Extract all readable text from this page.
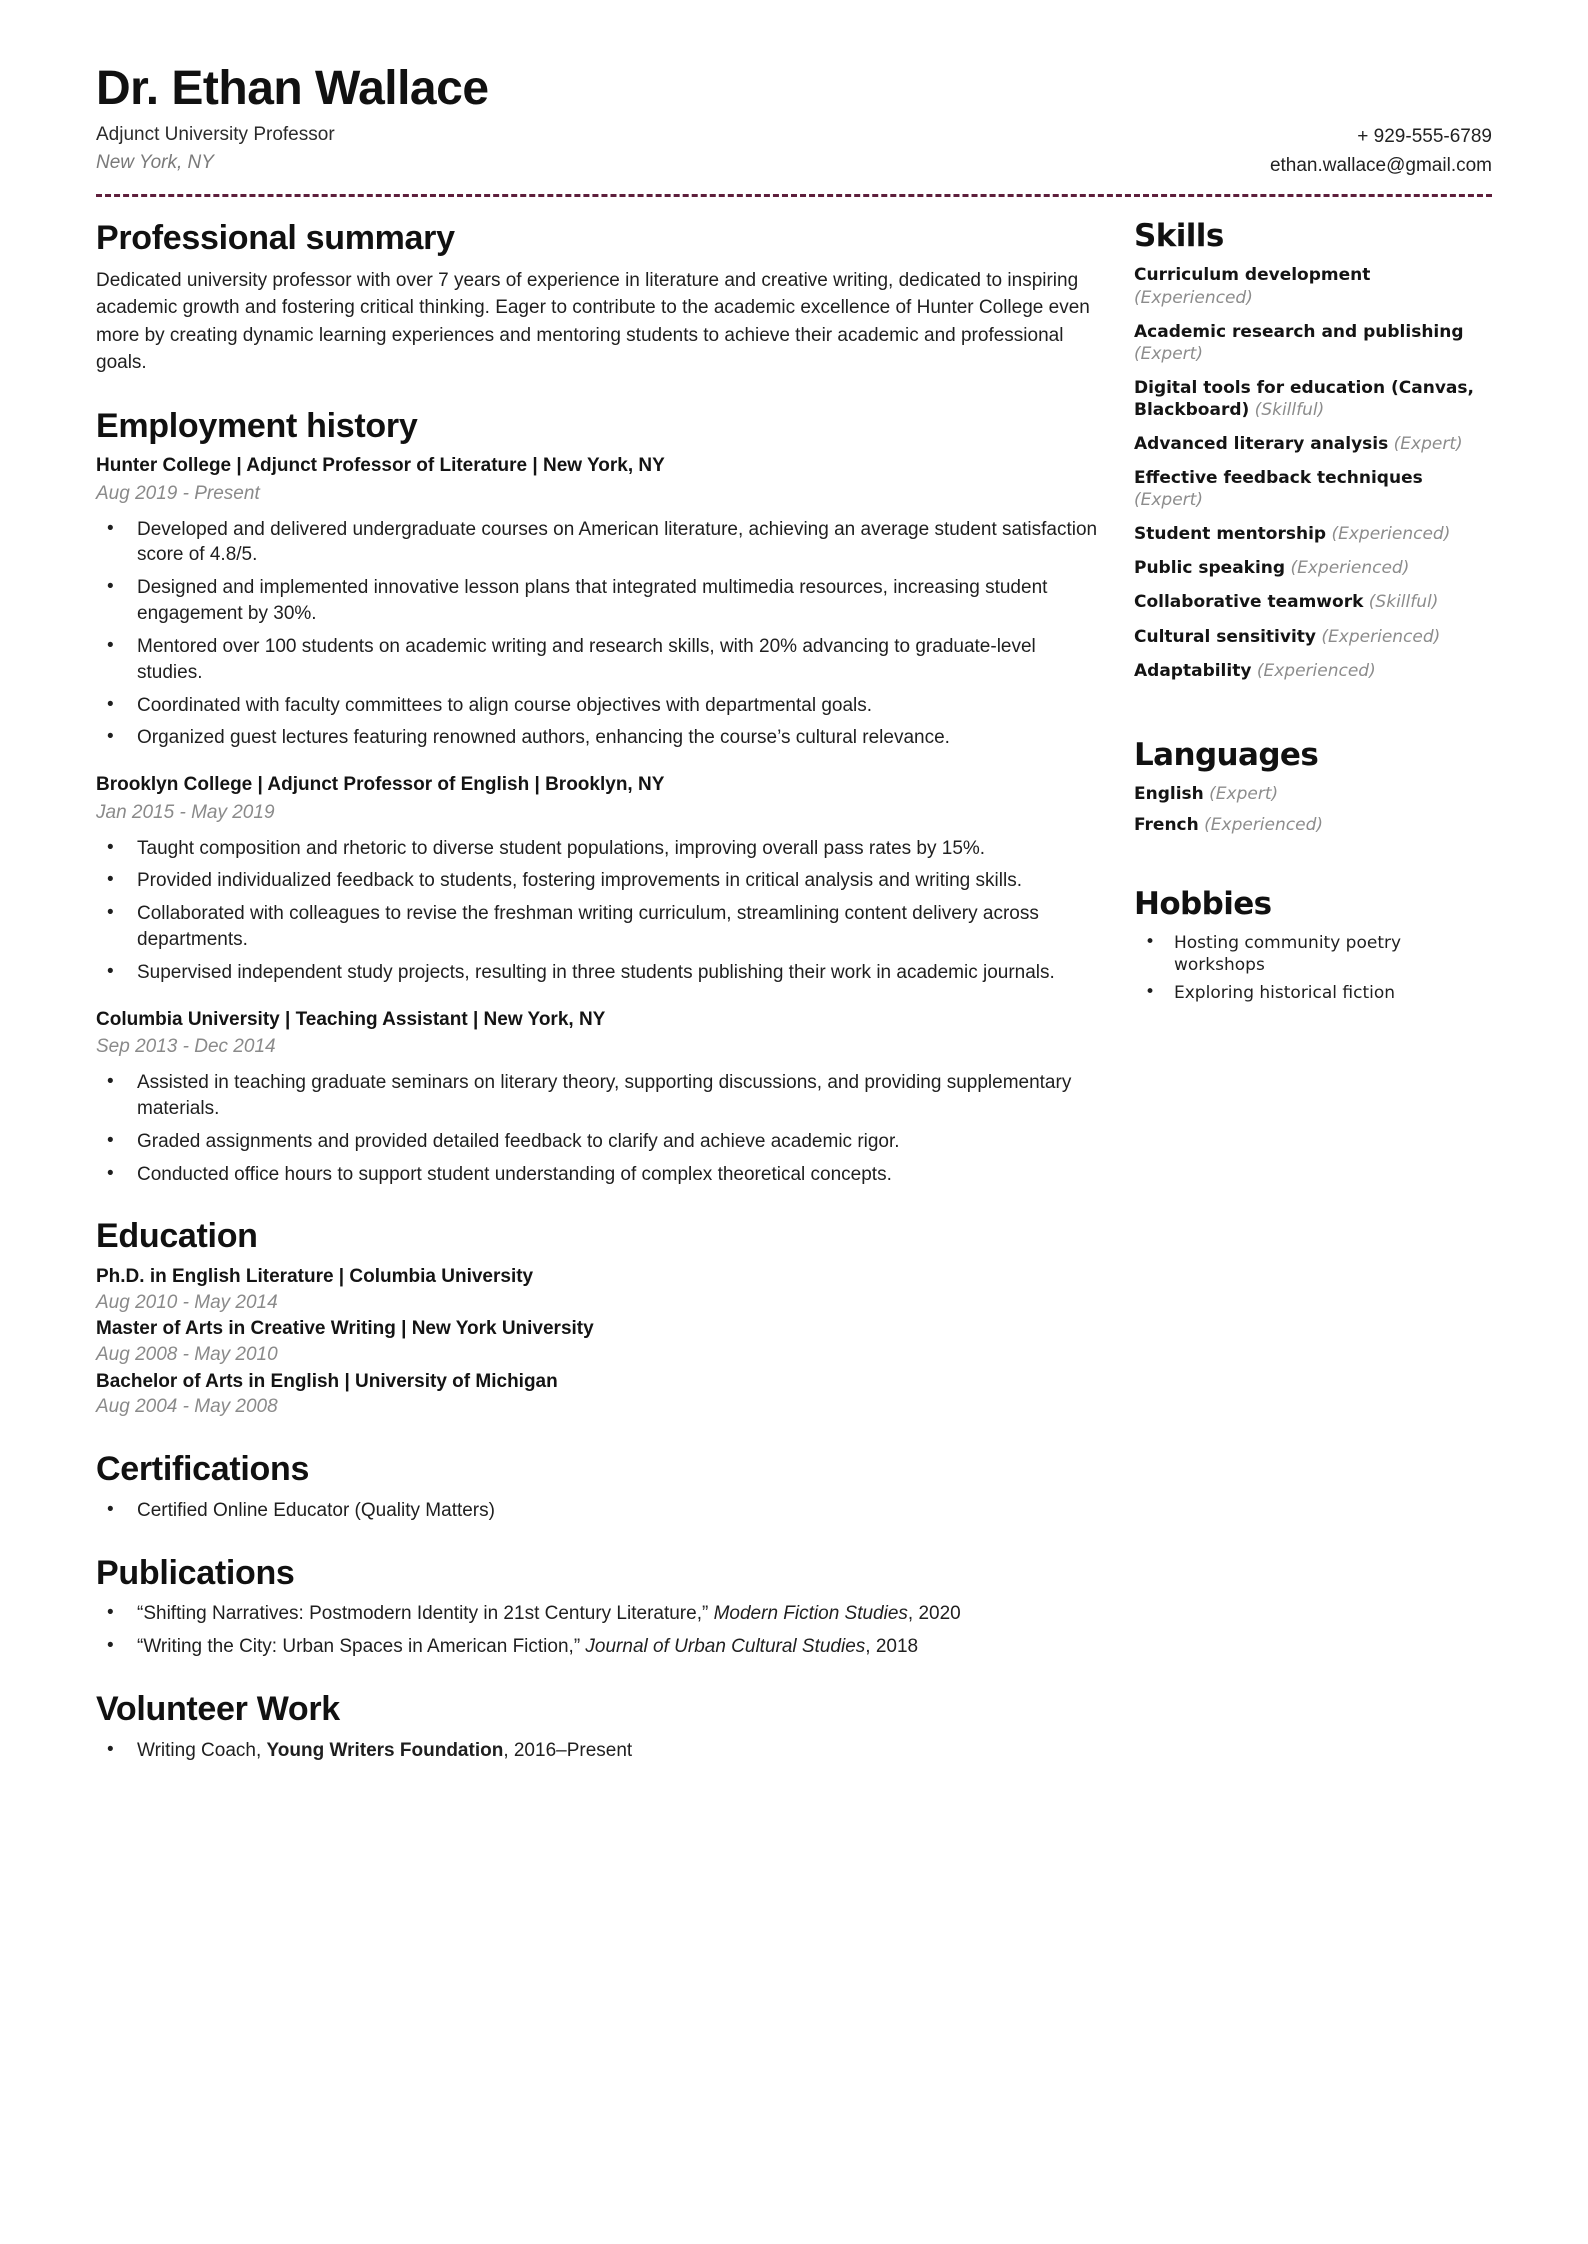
Dr. Ethan Wallace
Adjunct University Professor
New York, NY
+ 929-555-6789
ethan.wallace@gmail.com
Professional summary
Dedicated university professor with over 7 years of experience in literature and creative writing, dedicated to inspiring academic growth and fostering critical thinking. Eager to contribute to the academic excellence of Hunter College even more by creating dynamic learning experiences and mentoring students to achieve their academic and professional goals.
Employment history
Hunter College | Adjunct Professor of Literature | New York, NY
Aug 2019 - Present
• Developed and delivered undergraduate courses on American literature, achieving an average student satisfaction score of 4.8/5.
• Designed and implemented innovative lesson plans that integrated multimedia resources, increasing student engagement by 30%.
• Mentored over 100 students on academic writing and research skills, with 20% advancing to graduate-level studies.
• Coordinated with faculty committees to align course objectives with departmental goals.
• Organized guest lectures featuring renowned authors, enhancing the course’s cultural relevance.
Brooklyn College | Adjunct Professor of English | Brooklyn, NY
Jan 2015 - May 2019
• Taught composition and rhetoric to diverse student populations, improving overall pass rates by 15%.
• Provided individualized feedback to students, fostering improvements in critical analysis and writing skills.
• Collaborated with colleagues to revise the freshman writing curriculum, streamlining content delivery across departments.
• Supervised independent study projects, resulting in three students publishing their work in academic journals.
Columbia University | Teaching Assistant | New York, NY
Sep 2013 - Dec 2014
• Assisted in teaching graduate seminars on literary theory, supporting discussions, and providing supplementary materials.
• Graded assignments and provided detailed feedback to clarify and achieve academic rigor.
• Conducted office hours to support student understanding of complex theoretical concepts.
Education
Ph.D. in English Literature | Columbia University
Aug 2010 - May 2014
Master of Arts in Creative Writing | New York University
Aug 2008 - May 2010
Bachelor of Arts in English | University of Michigan
Aug 2004 - May 2008
Certifications
• Certified Online Educator (Quality Matters)
Publications
• “Shifting Narratives: Postmodern Identity in 21st Century Literature,” Modern Fiction Studies, 2020
• “Writing the City: Urban Spaces in American Fiction,” Journal of Urban Cultural Studies, 2018
Volunteer Work
• Writing Coach, Young Writers Foundation, 2016–Present
Skills
Curriculum development (Experienced)
Academic research and publishing (Expert)
Digital tools for education (Canvas, Blackboard) (Skillful)
Advanced literary analysis (Expert)
Effective feedback techniques (Expert)
Student mentorship (Experienced)
Public speaking (Experienced)
Collaborative teamwork (Skillful)
Cultural sensitivity (Experienced)
Adaptability (Experienced)
Languages
English (Expert)
French (Experienced)
Hobbies
• Hosting community poetry workshops
• Exploring historical fiction
